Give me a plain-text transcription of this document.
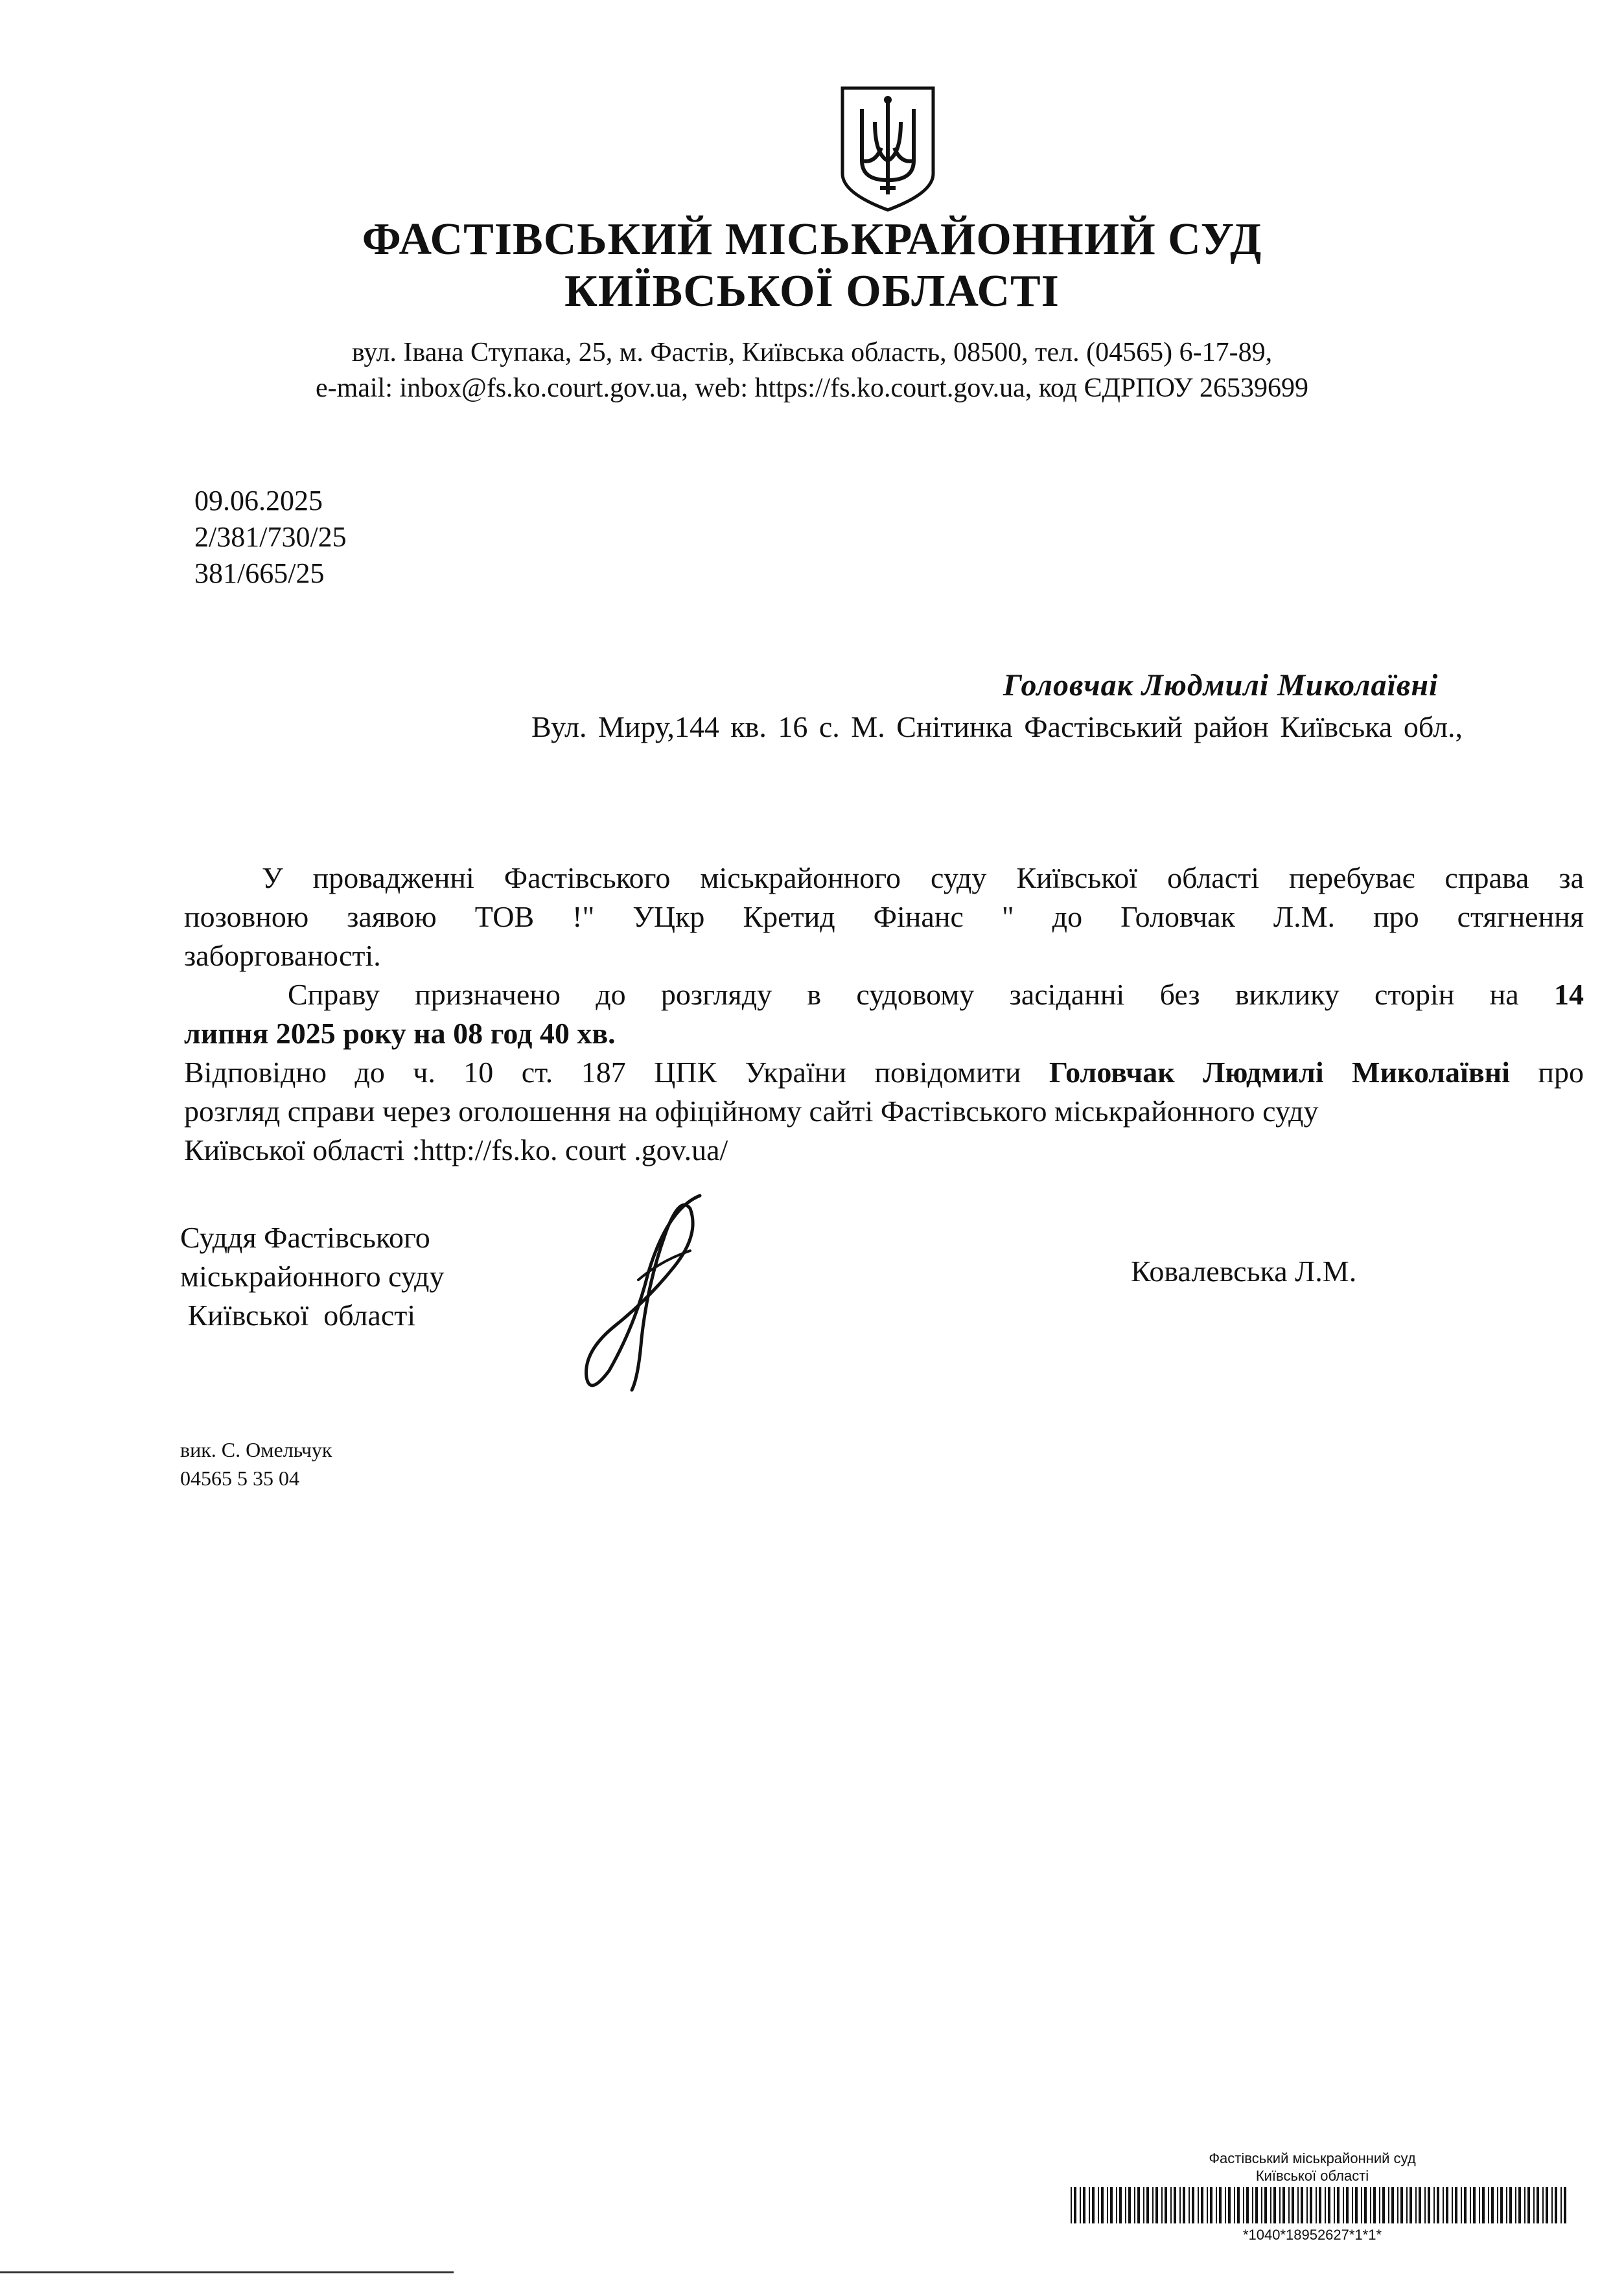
ФАСТІВСЬКИЙ МІСЬКРАЙОННИЙ СУД
КИЇВСЬКОЇ ОБЛАСТІ
вул. Івана Ступака, 25, м. Фастів, Київська область, 08500, тел. (04565) 6-17-89,
e-mail: inbox@fs.ko.court.gov.ua, web: https://fs.ko.court.gov.ua, код ЄДРПОУ 26539699
09.06.2025
2/381/730/25
381/665/25
Головчак Людмилі Миколаївні
Вул. Миру,144 кв. 16 с. М. Снітинка Фастівський район Київська обл.,
У провадженні Фастівського міськрайонного суду Київської області перебуває справа за
позовною заявою ТОВ !" УЦкр Кретид Фінанс " до Головчак Л.М. про стягнення
заборгованості.
Справу призначено до розгляду в судовому засіданні без виклику сторін на 14
липня 2025 року на 08 год 40 хв.
Відповідно до ч. 10 ст. 187 ЦПК України повідомити Головчак Людмилі Миколаївні про
розгляд справи через оголошення на офіційному сайті Фастівського міськрайонного суду
Київської області :http://fs.ko. court .gov.ua/
Суддя Фастівського
міськрайонного суду
Київської  області
Ковалевська Л.М.
вик. С. Омельчук
04565 5 35 04
Фастівський міськрайонний суд
Київської області
*1040*18952627*1*1*
